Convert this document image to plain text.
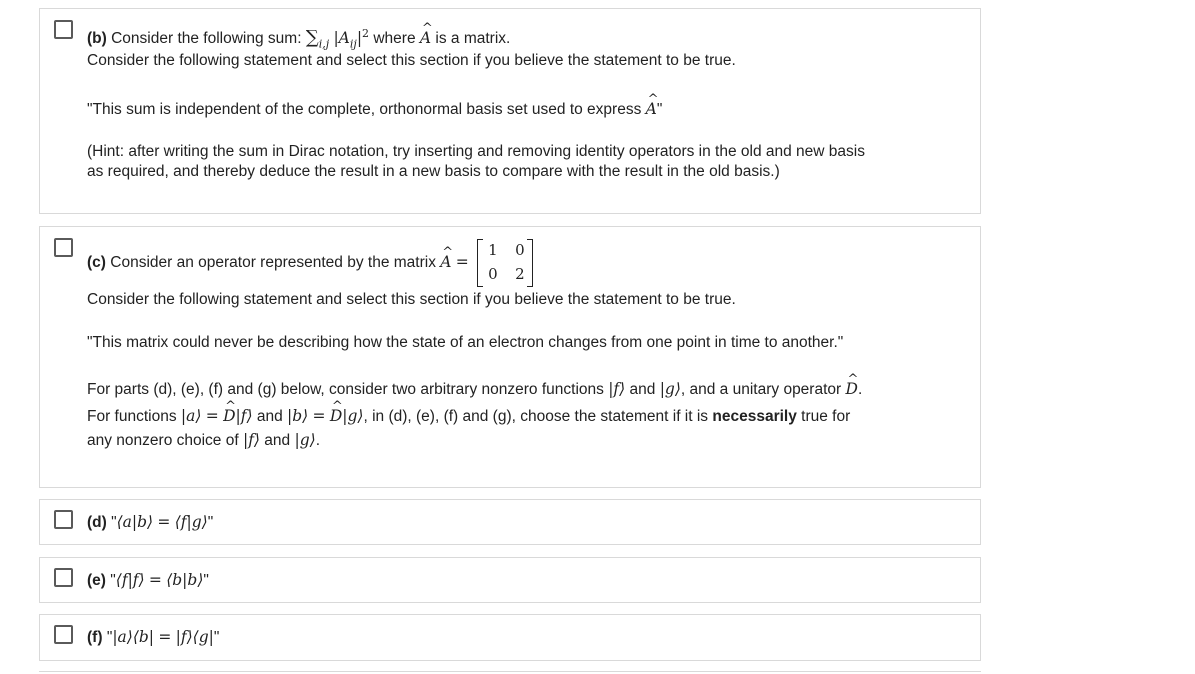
(b) Consider the following sum: $\sum_{i,j}$ $|A_{ij}|^2$ where ^ A is a matrix.
Consider the following statement and select this section if you believe the statement to be true.
"This sum is independent of the complete, orthonormal basis set used to express ^ A"
(Hint: after writing the sum in Dirac notation, try inserting and removing identity operators in the old and new basis
as required, and thereby deduce the result in a new basis to compare with the result in the old basis.)
(c) Consider an operator represented by the matrix ^ A =
1 0
0 2
Consider the following statement and select this section if you believe the statement to be true.
"This matrix could never be describing how the state of an electron changes from one point in time to another."
For parts (d), (e), (f) and (g) below, consider two arbitrary nonzero functions |f⟩ and |g⟩, and a unitary operator ^ D.
For functions |a⟩ = ^ D|f⟩ and |b⟩ = ^ D|g⟩, in (d), (e), (f) and (g), choose the statement if it is necessarily true for
any nonzero choice of |f⟩ and |g⟩.
(d) "⟨a|b⟩ = ⟨f|g⟩"
(e) "⟨f|f⟩ = ⟨b|b⟩"
(f) "|a⟩⟨b| = |f⟩⟨g|"
